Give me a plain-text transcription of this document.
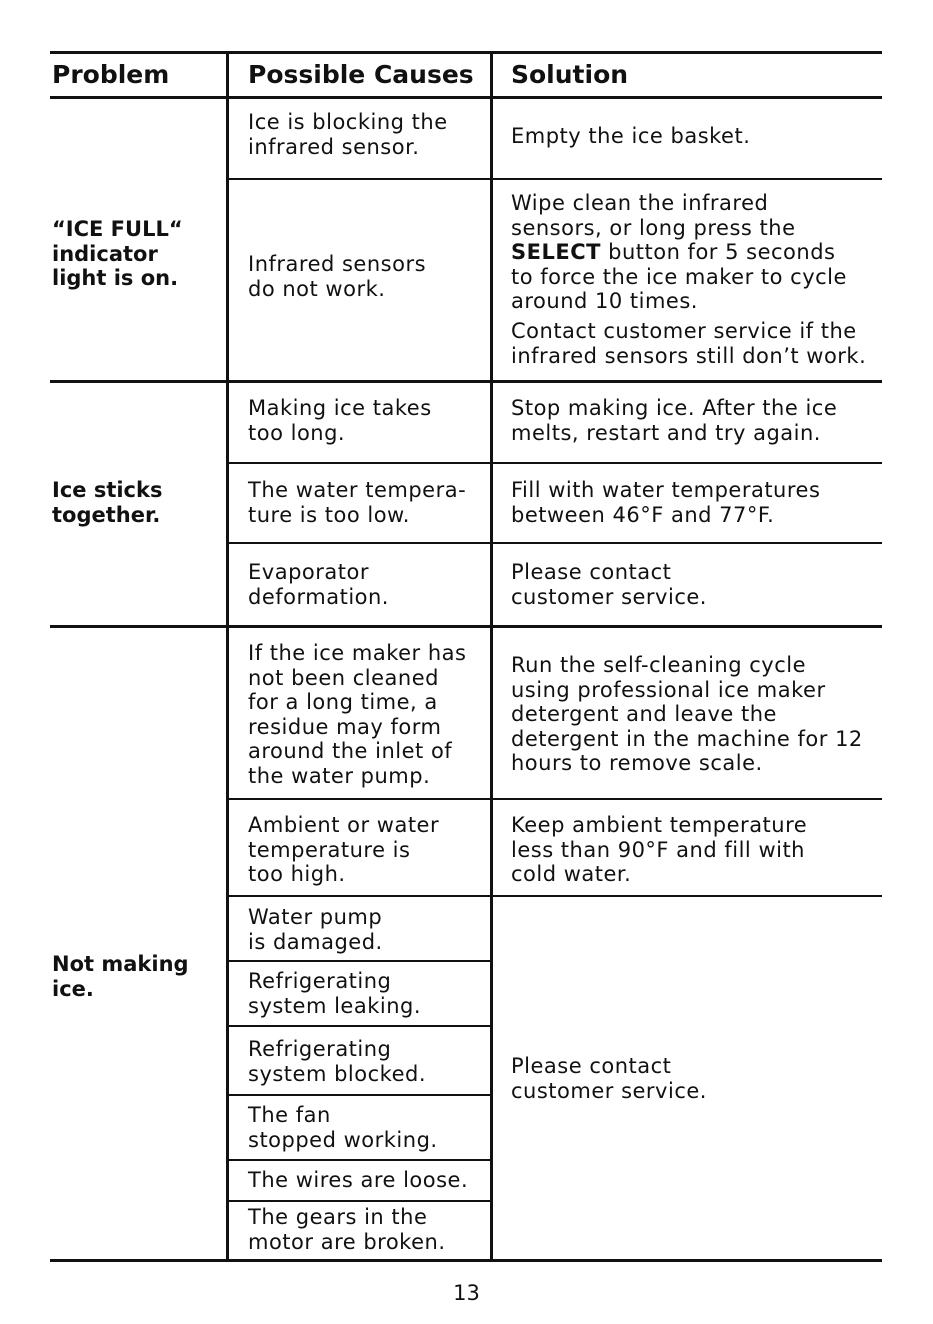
Problem	Possible Causes Solution
“ICE FULL“
indicator
light is on.
Ice is blocking the
infrared sensor.	Empty the ice basket.
Infrared sensors
do not work.
Wipe clean the infrared
sensors, or long press the
SELECT button for 5 seconds
to force the ice maker to cycle
around 10 times.
Contact customer service if the
infrared sensors still don’t work.
Ice sticks
together.
Making ice takes
too long.
Stop making ice. After the ice
melts, restart and try again.
The water tempera-
ture is too low.
Fill with water temperatures
between 46°F and 77°F.
Evaporator
deformation.
Please contact
customer service.
Not making
ice.
If the ice maker has
not been cleaned
for a long time, a
residue may form
around the inlet of
the water pump.
Run the self-cleaning cycle
using professional ice maker
detergent and leave the
detergent in the machine for 12
hours to remove scale.
Ambient or water
temperature is
too high.
Keep ambient temperature
less than 90°F and fill with
cold water.
Water pump
is damaged.
Refrigerating
system leaking.
Refrigerating
system blocked.
The fan
stopped working.
The wires are loose.
The gears in the
motor are broken.
Please contact
customer service.
13
